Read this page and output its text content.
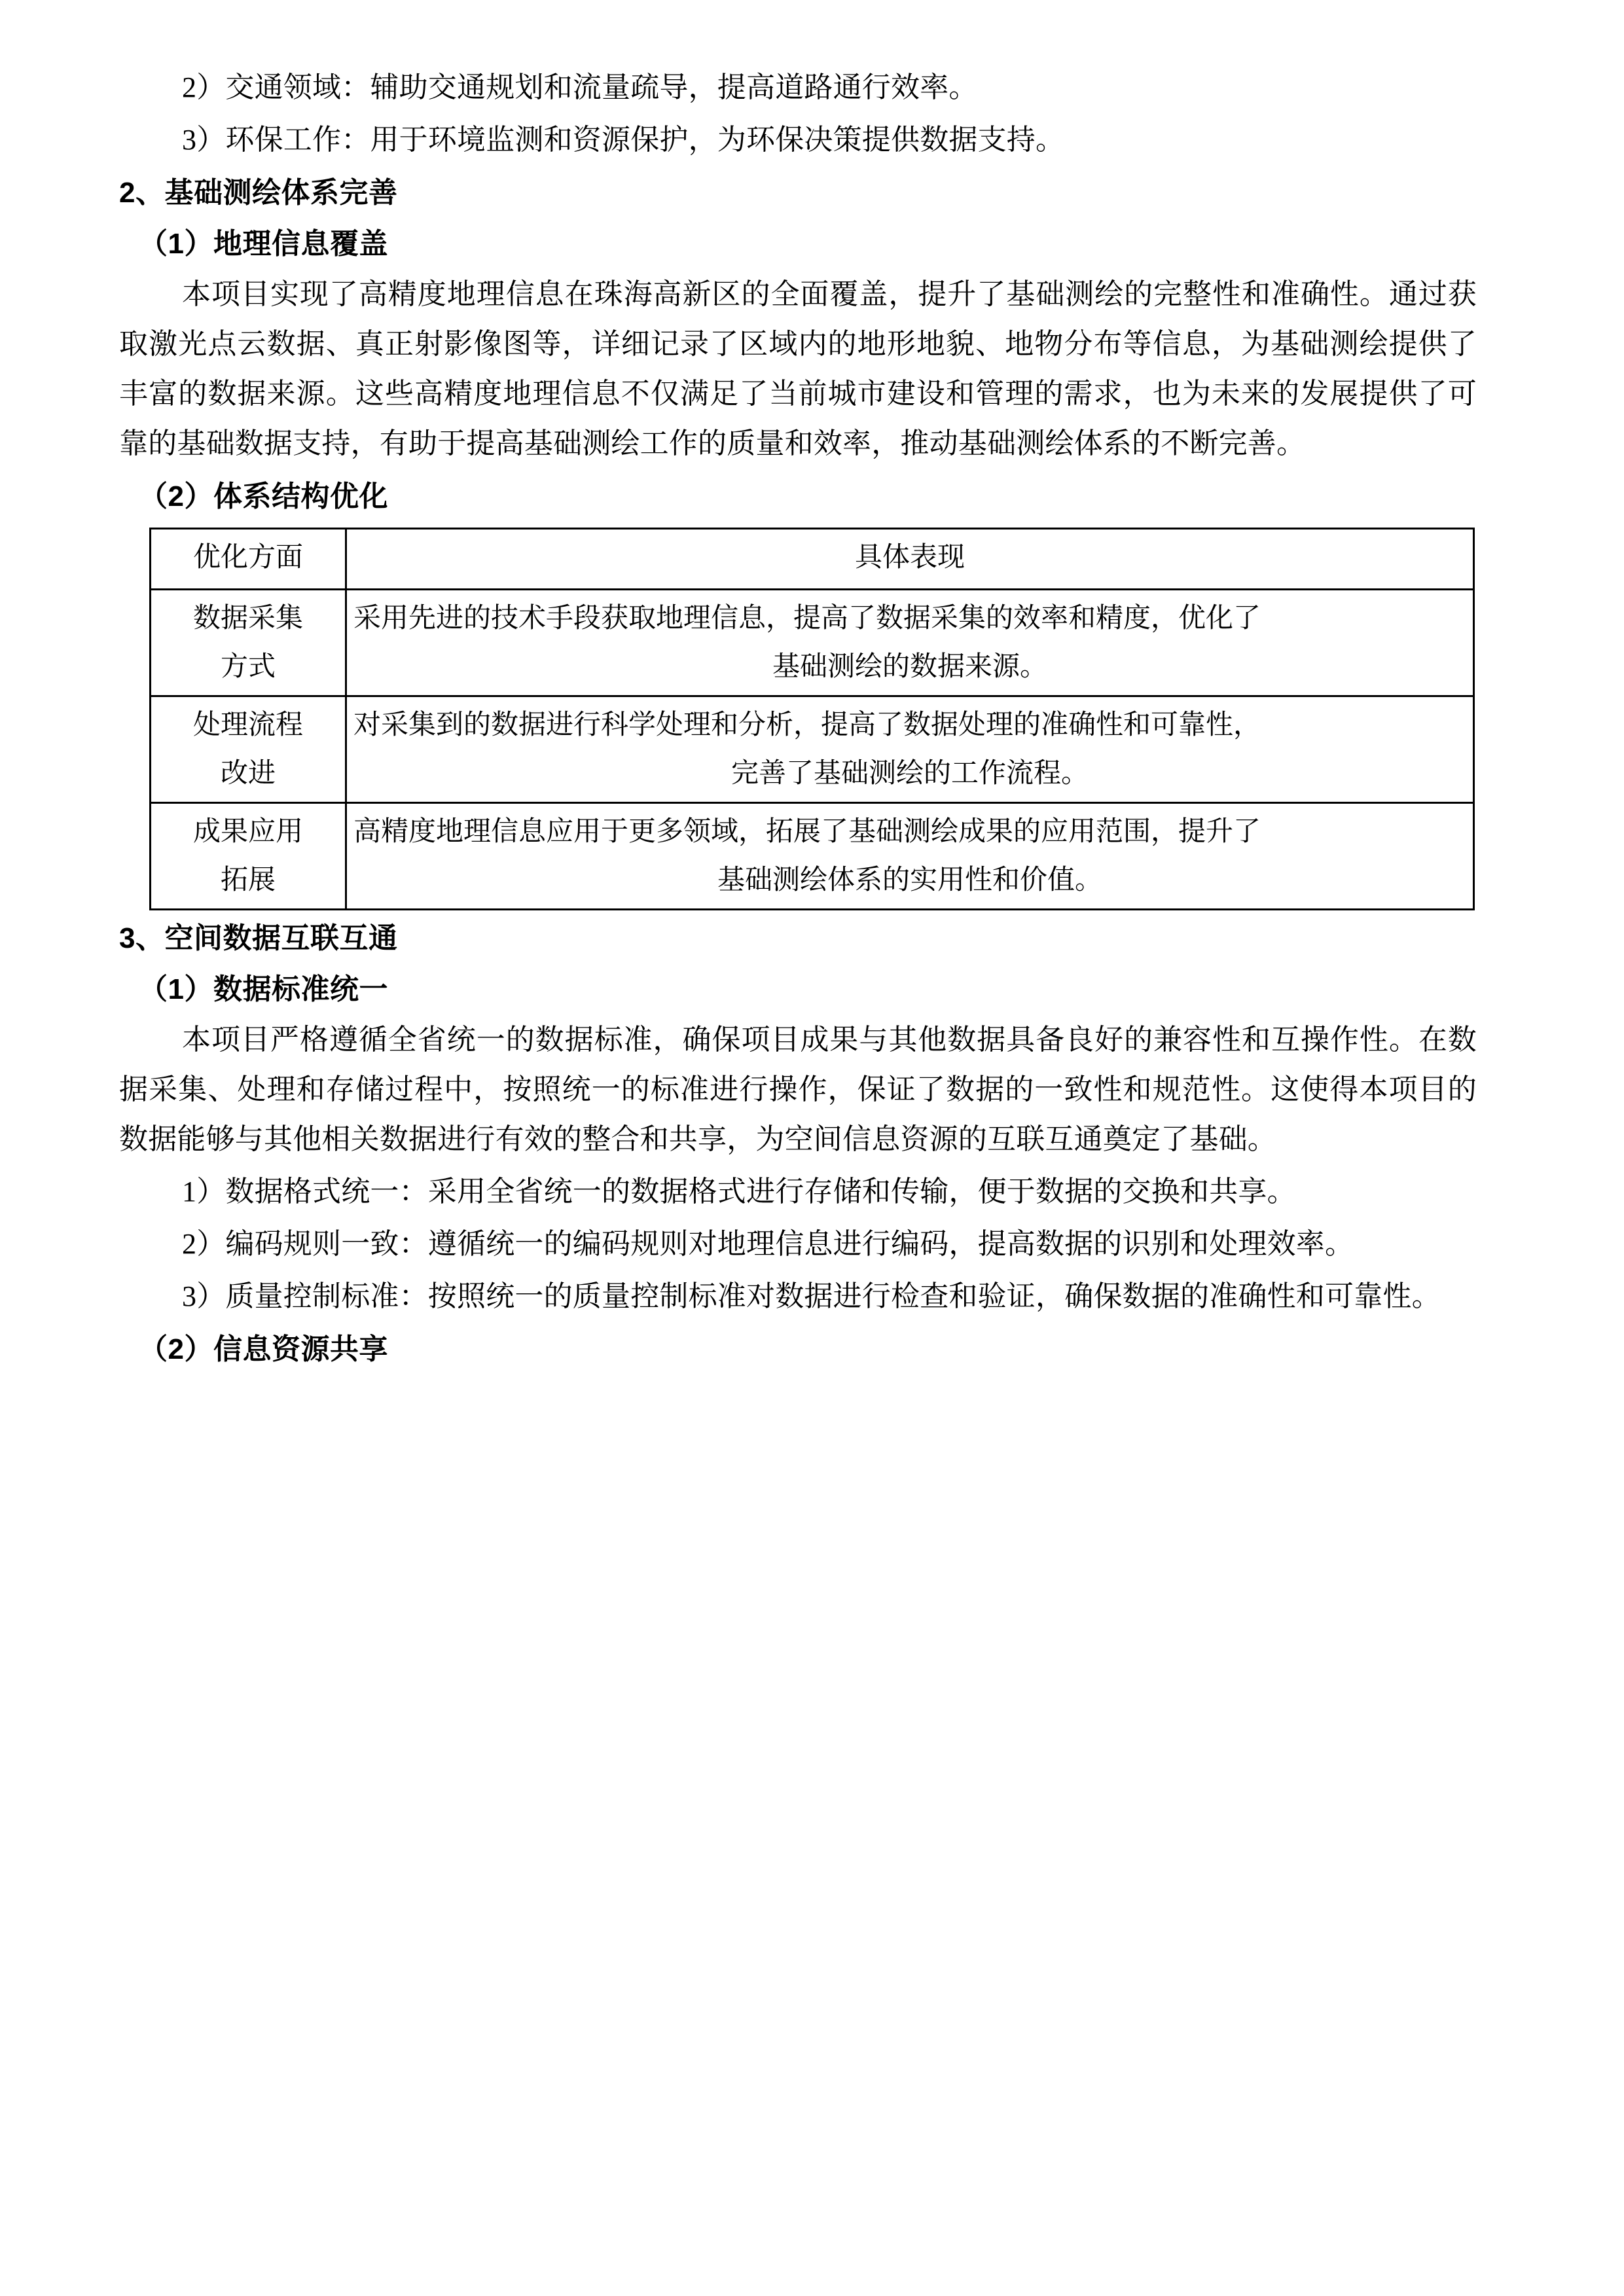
2）交通领域：辅助交通规划和流量疏导，提高道路通行效率。

3）环保工作：用于环境监测和资源保护，为环保决策提供数据支持。

2、基础测绘体系完善
（1）地理信息覆盖

本项目实现了高精度地理信息在珠海高新区的全面覆盖，提升了基础测绘的完整性和准确性。通过获取激光点云数据、真正射影像图等，详细记录了区域内的地形地貌、地物分布等信息，为基础测绘提供了丰富的数据来源。这些高精度地理信息不仅满足了当前城市建设和管理的需求，也为未来的发展提供了可靠的基础数据支持，有助于提高基础测绘工作的质量和效率，推动基础测绘体系的不断完善。

（2）体系结构优化
优化方面	具体表现

数据采集
方式	采用先进的技术手段获取地理信息，提高了数据采集的效率和精度，优化了
基础测绘的数据来源。

处理流程
改进	对采集到的数据进行科学处理和分析，提高了数据处理的准确性和可靠性，
完善了基础测绘的工作流程。

成果应用
拓展	高精度地理信息应用于更多领域，拓展了基础测绘成果的应用范围，提升了
基础测绘体系的实用性和价值。
3、空间数据互联互通
（1）数据标准统一

本项目严格遵循全省统一的数据标准，确保项目成果与其他数据具备良好的兼容性和互操作性。在数据采集、处理和存储过程中，按照统一的标准进行操作，保证了数据的一致性和规范性。这使得本项目的数据能够与其他相关数据进行有效的整合和共享，为空间信息资源的互联互通奠定了基础。

1）数据格式统一：采用全省统一的数据格式进行存储和传输，便于数据的交换和共享。

2）编码规则一致：遵循统一的编码规则对地理信息进行编码，提高数据的识别和处理效率。

3）质量控制标准：按照统一的质量控制标准对数据进行检查和验证，确保数据的准确性和可靠性。

（2）信息资源共享
